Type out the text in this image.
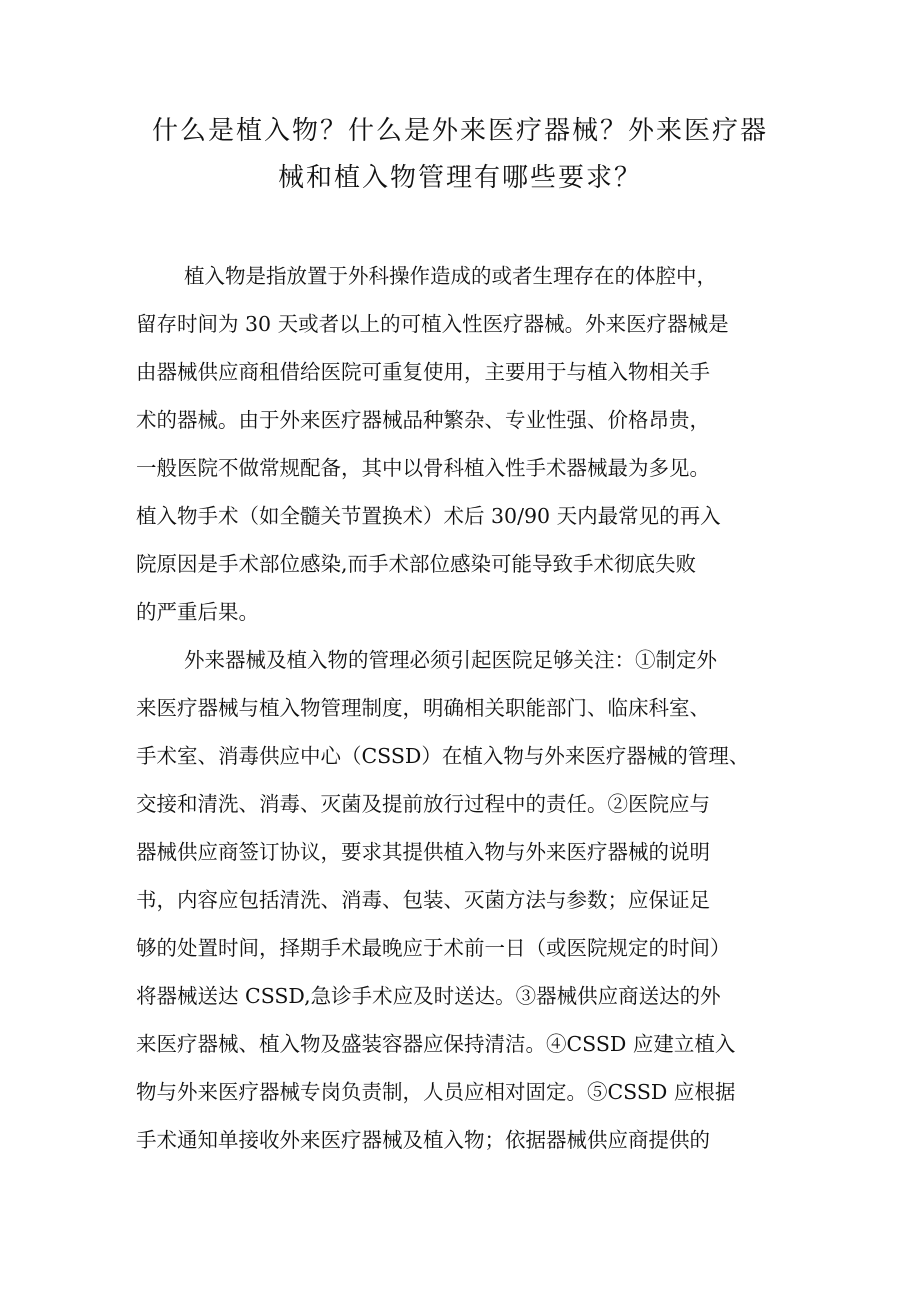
什么是植入物？什么是外来医疗器械？外来医疗器
械和植入物管理有哪些要求？

植入物是指放置于外科操作造成的或者生理存在的体腔中，

留存时间为 30 天或者以上的可植入性医疗器械。外来医疗器械是

由器械供应商租借给医院可重复使用，主要用于与植入物相关手

术的器械。由于外来医疗器械品种繁杂、专业性强、价格昂贵，

一般医院不做常规配备，其中以骨科植入性手术器械最为多见。

植入物手术（如全髓关节置换术）术后 30/90 天内最常见的再入

院原因是手术部位感染,而手术部位感染可能导致手术彻底失败

的严重后果。

外来器械及植入物的管理必须引起医院足够关注：①制定外

来医疗器械与植入物管理制度，明确相关职能部门、临床科室、

手术室、消毒供应中心（CSSD）在植入物与外来医疗器械的管理、

交接和清洗、消毒、灭菌及提前放行过程中的责任。②医院应与

器械供应商签订协议，要求其提供植入物与外来医疗器械的说明

书，内容应包括清洗、消毒、包装、灭菌方法与参数；应保证足

够的处置时间，择期手术最晚应于术前一日（或医院规定的时间）

将器械送达 CSSD,急诊手术应及时送达。③器械供应商送达的外

来医疗器械、植入物及盛装容器应保持清洁。④CSSD 应建立植入

物与外来医疗器械专岗负责制，人员应相对固定。⑤CSSD 应根据

手术通知单接收外来医疗器械及植入物；依据器械供应商提供的
